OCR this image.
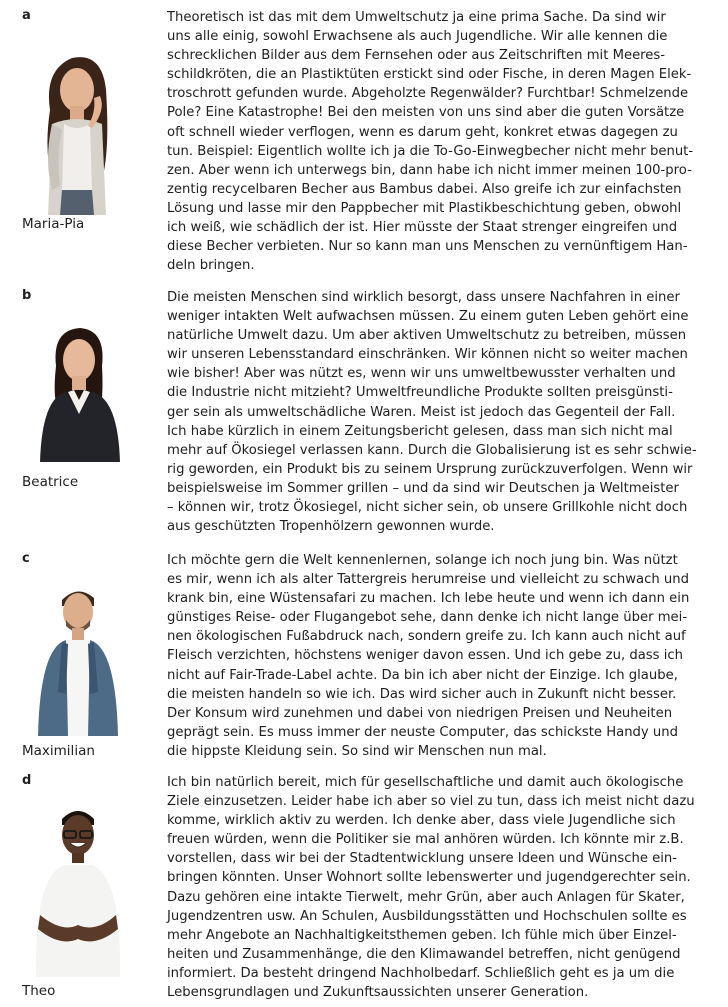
a
Maria-Pia

Theoretisch ist das mit dem Umweltschutz ja eine prima Sache. Da sind wir
uns alle einig, sowohl Erwachsene als auch Jugendliche. Wir alle kennen die
schrecklichen Bilder aus dem Fernsehen oder aus Zeitschriften mit Meeres-
schildkröten, die an Plastiktüten erstickt sind oder Fische, in deren Magen Elek-
troschrott gefunden wurde. Abgeholzte Regenwälder? Furchtbar! Schmelzende
Pole? Eine Katastrophe! Bei den meisten von uns sind aber die guten Vorsätze
oft schnell wieder verflogen, wenn es darum geht, konkret etwas dagegen zu
tun. Beispiel: Eigentlich wollte ich ja die To-Go-Einwegbecher nicht mehr benut-
zen. Aber wenn ich unterwegs bin, dann habe ich nicht immer meinen 100-pro-
zentig recycelbaren Becher aus Bambus dabei. Also greife ich zur einfachsten
Lösung und lasse mir den Pappbecher mit Plastikbeschichtung geben, obwohl
ich weiß, wie schädlich der ist. Hier müsste der Staat strenger eingreifen und
diese Becher verbieten. Nur so kann man uns Menschen zu vernünftigem Han-
deln bringen.

b
Beatrice

Die meisten Menschen sind wirklich besorgt, dass unsere Nachfahren in einer
weniger intakten Welt aufwachsen müssen. Zu einem guten Leben gehört eine
natürliche Umwelt dazu. Um aber aktiven Umweltschutz zu betreiben, müssen
wir unseren Lebensstandard einschränken. Wir können nicht so weiter machen
wie bisher! Aber was nützt es, wenn wir uns umweltbewusster verhalten und
die Industrie nicht mitzieht? Umweltfreundliche Produkte sollten preisgünsti-
ger sein als umweltschädliche Waren. Meist ist jedoch das Gegenteil der Fall.
Ich habe kürzlich in einem Zeitungsbericht gelesen, dass man sich nicht mal
mehr auf Ökosiegel verlassen kann. Durch die Globalisierung ist es sehr schwie-
rig geworden, ein Produkt bis zu seinem Ursprung zurückzuverfolgen. Wenn wir
beispielsweise im Sommer grillen – und da sind wir Deutschen ja Weltmeister
– können wir, trotz Ökosiegel, nicht sicher sein, ob unsere Grillkohle nicht doch
aus geschützten Tropenhölzern gewonnen wurde.

c
Maximilian

Ich möchte gern die Welt kennenlernen, solange ich noch jung bin. Was nützt
es mir, wenn ich als alter Tattergreis herumreise und vielleicht zu schwach und
krank bin, eine Wüstensafari zu machen. Ich lebe heute und wenn ich dann ein
günstiges Reise- oder Flugangebot sehe, dann denke ich nicht lange über mei-
nen ökologischen Fußabdruck nach, sondern greife zu. Ich kann auch nicht auf
Fleisch verzichten, höchstens weniger davon essen. Und ich gebe zu, dass ich
nicht auf Fair-Trade-Label achte. Da bin ich aber nicht der Einzige. Ich glaube,
die meisten handeln so wie ich. Das wird sicher auch in Zukunft nicht besser.
Der Konsum wird zunehmen und dabei von niedrigen Preisen und Neuheiten
geprägt sein. Es muss immer der neuste Computer, das schickste Handy und
die hippste Kleidung sein. So sind wir Menschen nun mal.

d
Theo

Ich bin natürlich bereit, mich für gesellschaftliche und damit auch ökologische
Ziele einzusetzen. Leider habe ich aber so viel zu tun, dass ich meist nicht dazu
komme, wirklich aktiv zu werden. Ich denke aber, dass viele Jugendliche sich
freuen würden, wenn die Politiker sie mal anhören würden. Ich könnte mir z.B.
vorstellen, dass wir bei der Stadtentwicklung unsere Ideen und Wünsche ein-
bringen könnten. Unser Wohnort sollte lebenswerter und jugendgerechter sein.
Dazu gehören eine intakte Tierwelt, mehr Grün, aber auch Anlagen für Skater,
Jugendzentren usw. An Schulen, Ausbildungsstätten und Hochschulen sollte es
mehr Angebote an Nachhaltigkeitsthemen geben. Ich fühle mich über Einzel-
heiten und Zusammenhänge, die den Klimawandel betreffen, nicht genügend
informiert. Da besteht dringend Nachholbedarf. Schließlich geht es ja um die
Lebensgrundlagen und Zukunftsaussichten unserer Generation.
